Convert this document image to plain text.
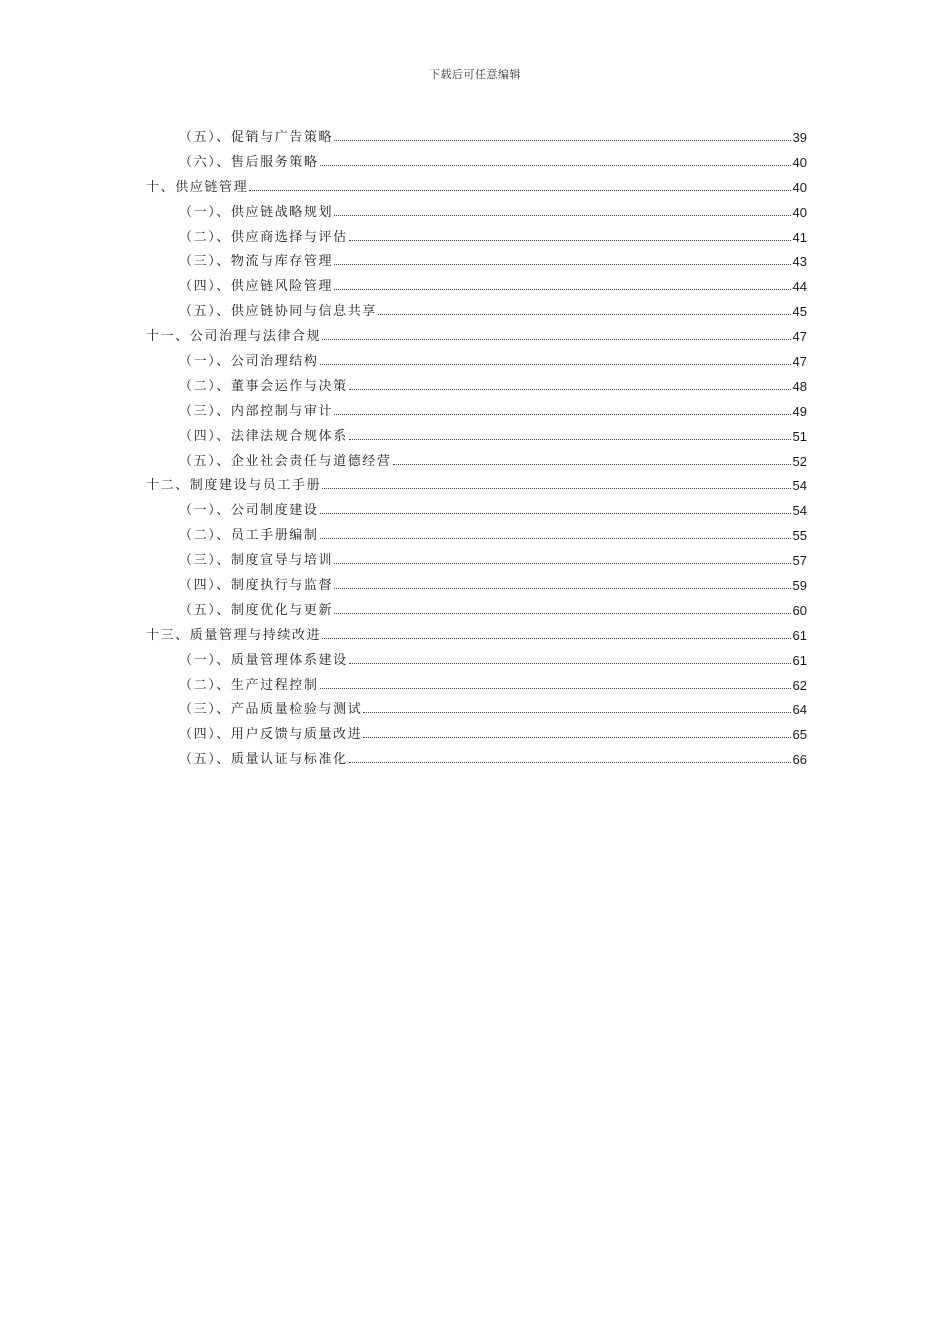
下载后可任意编辑
（五）、促销与广告策略	39
（六）、售后服务策略	40
十、供应链管理	40
（一）、供应链战略规划	40
（二）、供应商选择与评估	41
（三）、物流与库存管理	43
（四）、供应链风险管理	44
（五）、供应链协同与信息共享	45
十一、公司治理与法律合规	47
（一）、公司治理结构	47
（二）、董事会运作与决策	48
（三）、内部控制与审计	49
（四）、法律法规合规体系	51
（五）、企业社会责任与道德经营	52
十二、制度建设与员工手册	54
（一）、公司制度建设	54
（二）、员工手册编制	55
（三）、制度宣导与培训	57
（四）、制度执行与监督	59
（五）、制度优化与更新	60
十三、质量管理与持续改进	61
（一）、质量管理体系建设	61
（二）、生产过程控制	62
（三）、产品质量检验与测试	64
（四）、用户反馈与质量改进	65
（五）、质量认证与标准化	66
